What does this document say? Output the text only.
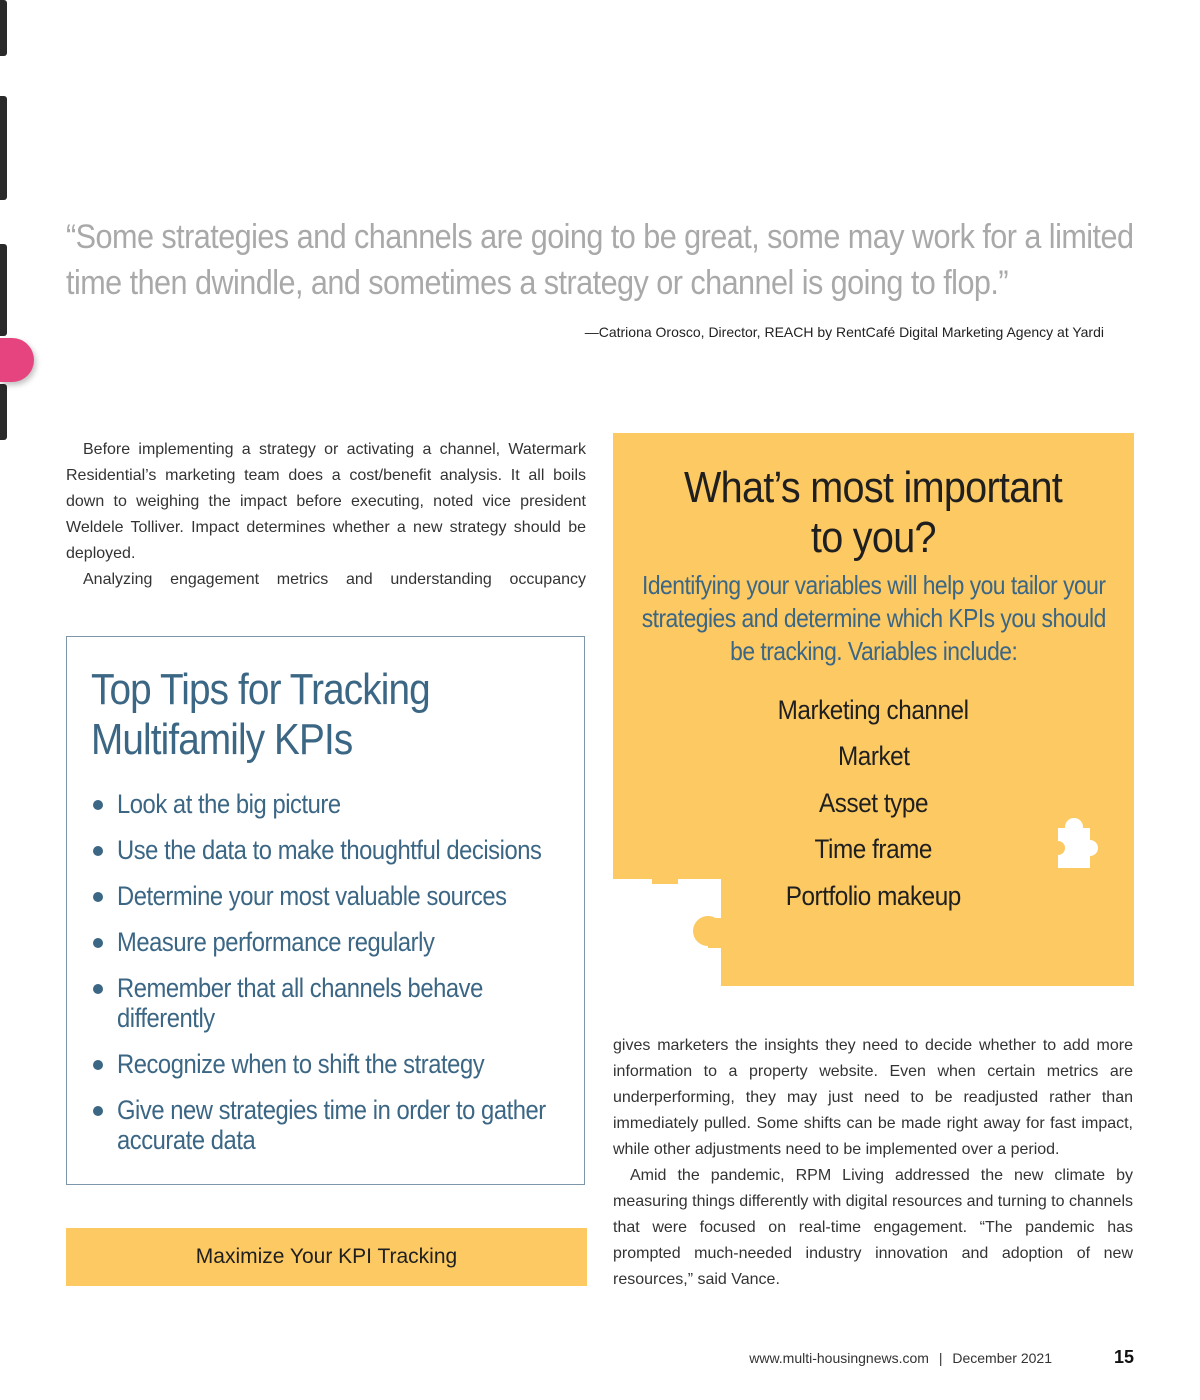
“Some strategies and channels are going to be great, some may work for a limited
time then dwindle, and sometimes a strategy or channel is going to flop.”
—Catriona Orosco, Director, REACH by RentCafé Digital Marketing Agency at Yardi

Before implementing a strategy or activating a channel, Watermark Residential’s marketing team does a cost/benefit analysis. It all boils down to weighing the impact before executing, noted vice president Weldele Tolliver. Impact determines whether a new strategy should be deployed.

Analyzing engagement metrics and understanding occupancy

Top Tips for Tracking
Multifamily KPIs
Look at the big picture
Use the data to make thoughtful decisions
Determine your most valuable sources
Measure performance regularly
Remember that all channels behave differently
Recognize when to shift the strategy
Give new strategies time in order to gather accurate data
Maximize Your KPI Tracking
What’s most important
to you?

Identifying your variables will help you tailor your strategies and determine which KPIs you should be tracking. Variables include:

Marketing channel
Market
Asset type
Time frame
Portfolio makeup

gives marketers the insights they need to decide whether to add more information to a property website. Even when certain metrics are underperforming, they may just need to be readjusted rather than immediately pulled. Some shifts can be made right away for fast impact, while other adjustments need to be implemented over a period.

Amid the pandemic, RPM Living addressed the new climate by measuring things differently with digital resources and turning to channels that were focused on real-time engagement. “The pandemic has prompted much-needed industry innovation and adoption of new resources,” said Vance.

www.multi-housingnews.com | December 2021	15
